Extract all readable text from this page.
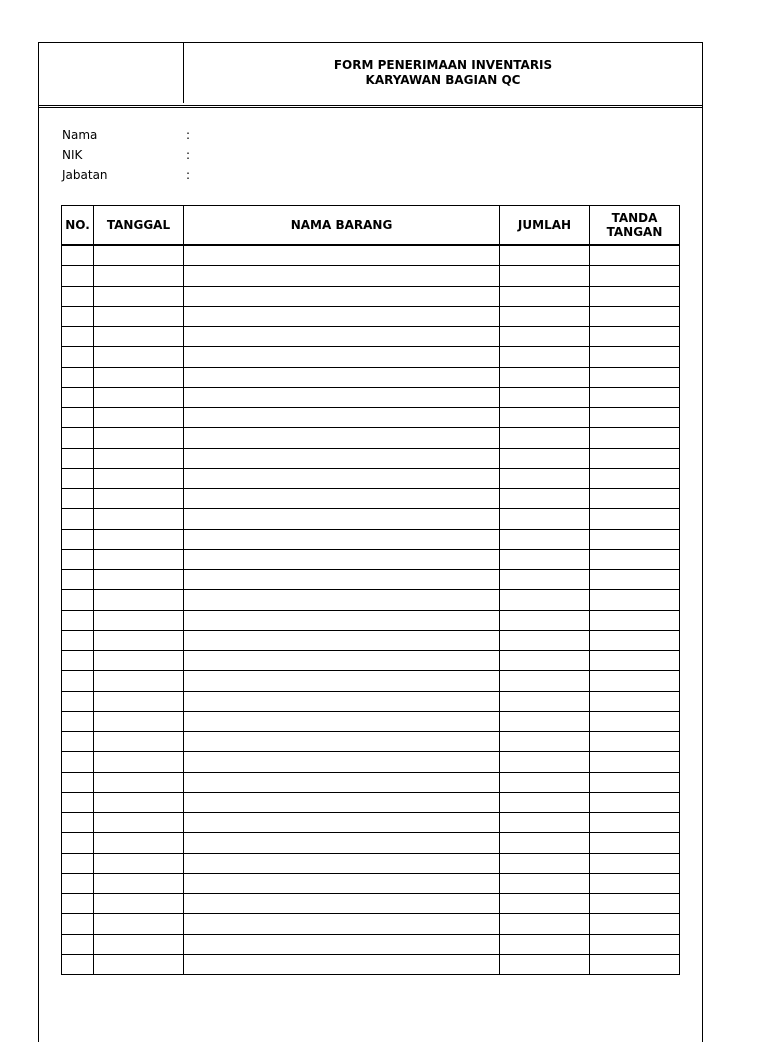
FORM PENERIMAAN INVENTARIS
KARYAWAN BAGIAN QC
Nama	:
NIK	:
Jabatan	:
NO.	TANGGAL	NAMA BARANG	JUMLAH	TANDA
TANGAN
